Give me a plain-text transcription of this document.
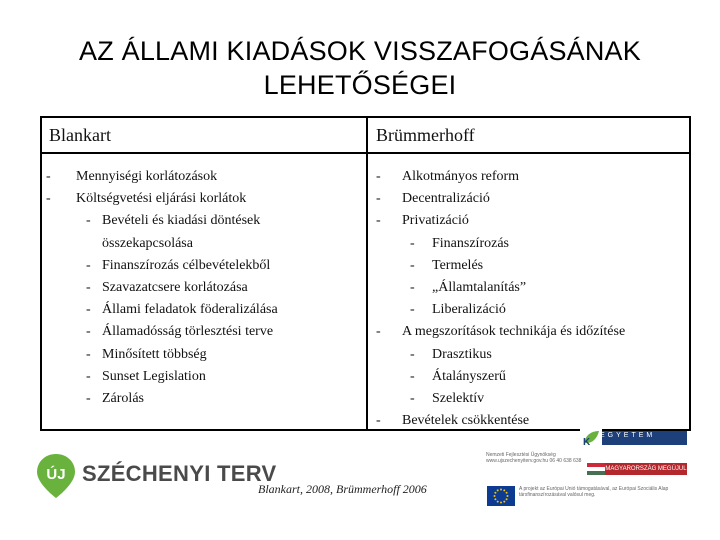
AZ ÁLLAMI KIADÁSOK VISSZAFOGÁSÁNAK
LEHETŐSÉGEI
Blankart	Brümmerhoff
- Mennyiségi korlátozások
- Költségvetési eljárási korlátok
- Bevételi és kiadási döntések
összekapcsolása
- Finanszírozás célbevételekből
- Szavazatcsere korlátozása
- Állami feladatok föderalizálása
- Államadósság törlesztési terve
- Minősített többség
- Sunset Legislation
- Zárolás
- Alkotmányos reform
- Decentralizáció
- Privatizáció
- Finanszírozás
- Termelés
- „Államtalanítás”
- Liberalizáció
- A megszorítások technikája és időzítése
- Drasztikus
- Átalányszerű
- Szelektív
- Bevételek csökkentése
Blankart, 2008, Brümmerhoff 2006
ÚJ SZÉCHENYI TERV
K
EGYETEM
Nemzeti Fejlesztési Ügynökség www.ujszechenyiterv.gov.hu 06 40 638 638
MAGYARORSZÁG MEGÚJUL
A projekt az Európai Unió támogatásával, az Európai Szociális Alap társfinanszírozásával valósul meg.
